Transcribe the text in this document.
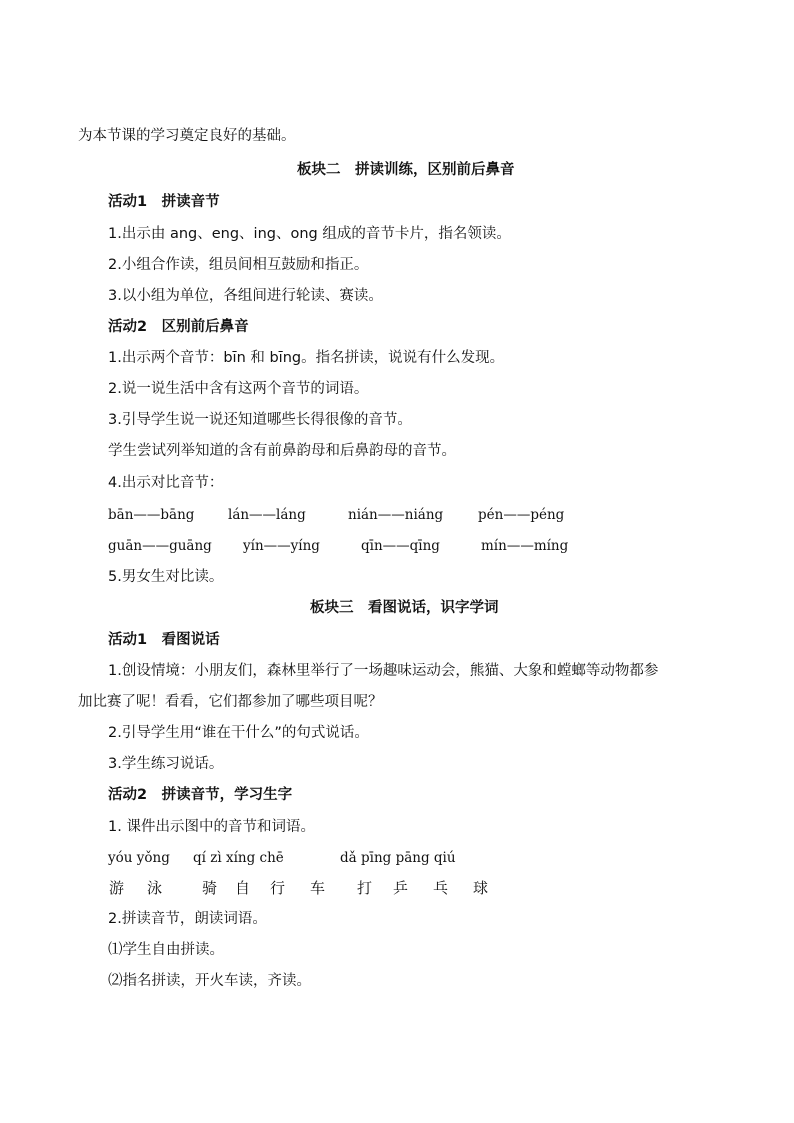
为本节课的学习奠定良好的基础。
板块二　拼读训练，区别前后鼻音
活动1　拼读音节
1.出示由 ang、eng、ing、ong 组成的音节卡片，指名领读。
2.小组合作读，组员间相互鼓励和指正。
3.以小组为单位，各组间进行轮读、赛读。
活动2　区别前后鼻音
1.出示两个音节：bīn 和 bīng。指名拼读，说说有什么发现。
2.说一说生活中含有这两个音节的词语。
3.引导学生说一说还知道哪些长得很像的音节。
学生尝试列举知道的含有前鼻韵母和后鼻韵母的音节。
4.出示对比音节：
bān——bāng lán——láng	nián——niáng	pén——péng
guān——guāng yín——yíng	qīn——qīng	mín——míng
5.男女生对比读。
板块三　看图说话，识字学词
活动1　看图说话
1.创设情境：小朋友们，森林里举行了一场趣味运动会，熊猫、大象和螳螂等动物都参
加比赛了呢！看看，它们都参加了哪些项目呢？
2.引导学生用“谁在干什么”的句式说话。
3.学生练习说话。
活动2　拼读音节，学习生字
1. 课件出示图中的音节和词语。
yóu yǒng qí zì xíng chē	dǎ pīng pāng qiú
游 泳	骑 自 行 车 打 乒 乓 球
2.拼读音节，朗读词语。
⑴学生自由拼读。
⑵指名拼读，开火车读，齐读。
